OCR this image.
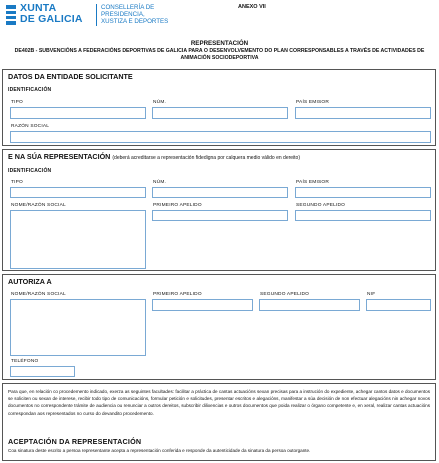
XUNTA
DE GALICIA
CONSELLERÍA DE
PRESIDENCIA,
XUSTIZA E DEPORTES
ANEXO VII
REPRESENTACIÓN
DE402B - SUBVENCIÓNS A FEDERACIÓNS DEPORTIVAS DE GALICIA PARA O DESENVOLVEMENTO DO PLAN CORRESPONSABLES A TRAVÉS DE ACTIVIDADES DE ANIMACIÓN SOCIODEPORTIVA
DATOS DA ENTIDADE SOLICITANTE
IDENTIFICACIÓN
TIPO	NÚM.	PAÍS EMISOR
RAZÓN SOCIAL
E NA SÚA REPRESENTACIÓN (deberá acreditarse a representación fidedigna por calquera medio válido en dereito)
IDENTIFICACIÓN
TIPO	NÚM.	PAÍS EMISOR
NOME/RAZÓN SOCIAL	PRIMEIRO APELIDO	SEGUNDO APELIDO
AUTORIZA A
NOME/RAZÓN SOCIAL	PRIMEIRO APELIDO	SEGUNDO APELIDO	NIF
TELÉFONO
Para que, en relación co procedemento indicado, exerza as seguintes facultades: facilitar a práctica de cantas actuacións sexan precisas para a instrución do expediente, achegar cantos datos e documentos se soliciten ou sexan de interese, recibir todo tipo de comunicacións, formular petición e solicitudes, presentar escritos e alegacións, manifestar a súa decisión de non efectuar alegacións nin achegar novos documentos no correspondente trámite de audiencia ou renunciar a outros dereitos, subscribir dilixencias e outros documentos que poida realizar o órgano competente e, en xeral, realizar cantas actuacións correspondan aos representados no curso do devandito procedemento.
ACEPTACIÓN DA REPRESENTACIÓN
Coa sinatura deste escrito a persoa representante acepta a representación conferida e responde da autenticidade da sinatura da persoa outorgante.
